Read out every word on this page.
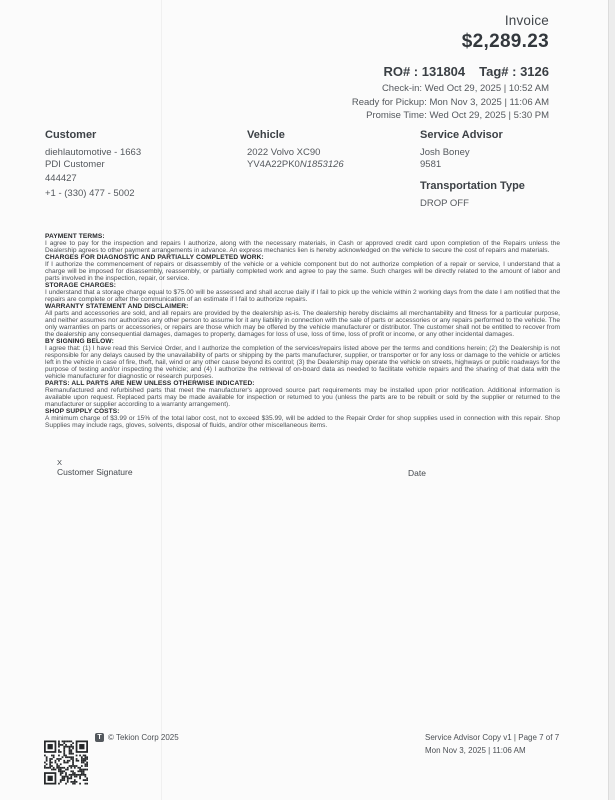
Invoice
$2,289.23
RO# : 131804 Tag# : 3126
Check-in: Wed Oct 29, 2025 | 10:52 AM
Ready for Pickup: Mon Nov 3, 2025 | 11:06 AM
Promise Time: Wed Oct 29, 2025 | 5:30 PM
Customer
diehlautomotive - 1663
PDI Customer
444427
+1 - (330) 477 - 5002
Vehicle
2022 Volvo XC90
YV4A22PK0N1853126
Service Advisor
Josh Boney
9581
Transportation Type
DROP OFF
PAYMENT TERMS:
I agree to pay for the inspection and repairs I authorize, along with the necessary materials, in Cash or approved credit card upon completion of the Repairs unless the Dealership agrees to other payment arrangements in advance. An express mechanics lien is hereby acknowledged on the vehicle to secure the cost of repairs and materials.
CHARGES FOR DIAGNOSTIC AND PARTIALLY COMPLETED WORK:
If I authorize the commencement of repairs or disassembly of the vehicle or a vehicle component but do not authorize completion of a repair or service, I understand that a charge will be imposed for disassembly, reassembly, or partially completed work and agree to pay the same. Such charges will be directly related to the amount of labor and parts involved in the inspection, repair, or service.
STORAGE CHARGES:
I understand that a storage charge equal to $75.00 will be assessed and shall accrue daily if I fail to pick up the vehicle within 2 working days from the date I am notified that the repairs are complete or after the communication of an estimate if I fail to authorize repairs.
WARRANTY STATEMENT AND DISCLAIMER:
All parts and accessories are sold, and all repairs are provided by the dealership as-is. The dealership hereby disclaims all merchantability and fitness for a particular purpose, and neither assumes nor authorizes any other person to assume for it any liability in connection with the sale of parts or accessories or any repairs performed to the vehicle. The only warranties on parts or accessories, or repairs are those which may be offered by the vehicle manufacturer or distributor. The customer shall not be entitled to recover from the dealership any consequential damages, damages to property, damages for loss of use, loss of time, loss of profit or income, or any other incidental damages.
BY SIGNING BELOW:
I agree that: (1) I have read this Service Order, and I authorize the completion of the services/repairs listed above per the terms and conditions herein; (2) the Dealership is not responsible for any delays caused by the unavailability of parts or shipping by the parts manufacturer, supplier, or transporter or for any loss or damage to the vehicle or articles left in the vehicle in case of fire, theft, hail, wind or any other cause beyond its control; (3) the Dealership may operate the vehicle on streets, highways or public roadways for the purpose of testing and/or inspecting the vehicle; and (4) I authorize the retrieval of on-board data as needed to facilitate vehicle repairs and the sharing of that data with the vehicle manufacturer for diagnostic or research purposes.
PARTS: ALL PARTS ARE NEW UNLESS OTHERWISE INDICATED:
Remanufactured and refurbished parts that meet the manufacturer's approved source part requirements may be installed upon prior notification. Additional information is available upon request. Replaced parts may be made available for inspection or returned to you (unless the parts are to be rebuilt or sold by the supplier or returned to the manufacturer or supplier according to a warranty arrangement).
SHOP SUPPLY COSTS:
A minimum charge of $3.99 or 15% of the total labor cost, not to exceed $35.99, will be added to the Repair Order for shop supplies used in connection with this repair. Shop Supplies may include rags, gloves, solvents, disposal of fluids, and/or other miscellaneous items.
X
Customer Signature	Date
T © Tekion Corp 2025	Service Advisor Copy v1 | Page 7 of 7
Mon Nov 3, 2025 | 11:06 AM
